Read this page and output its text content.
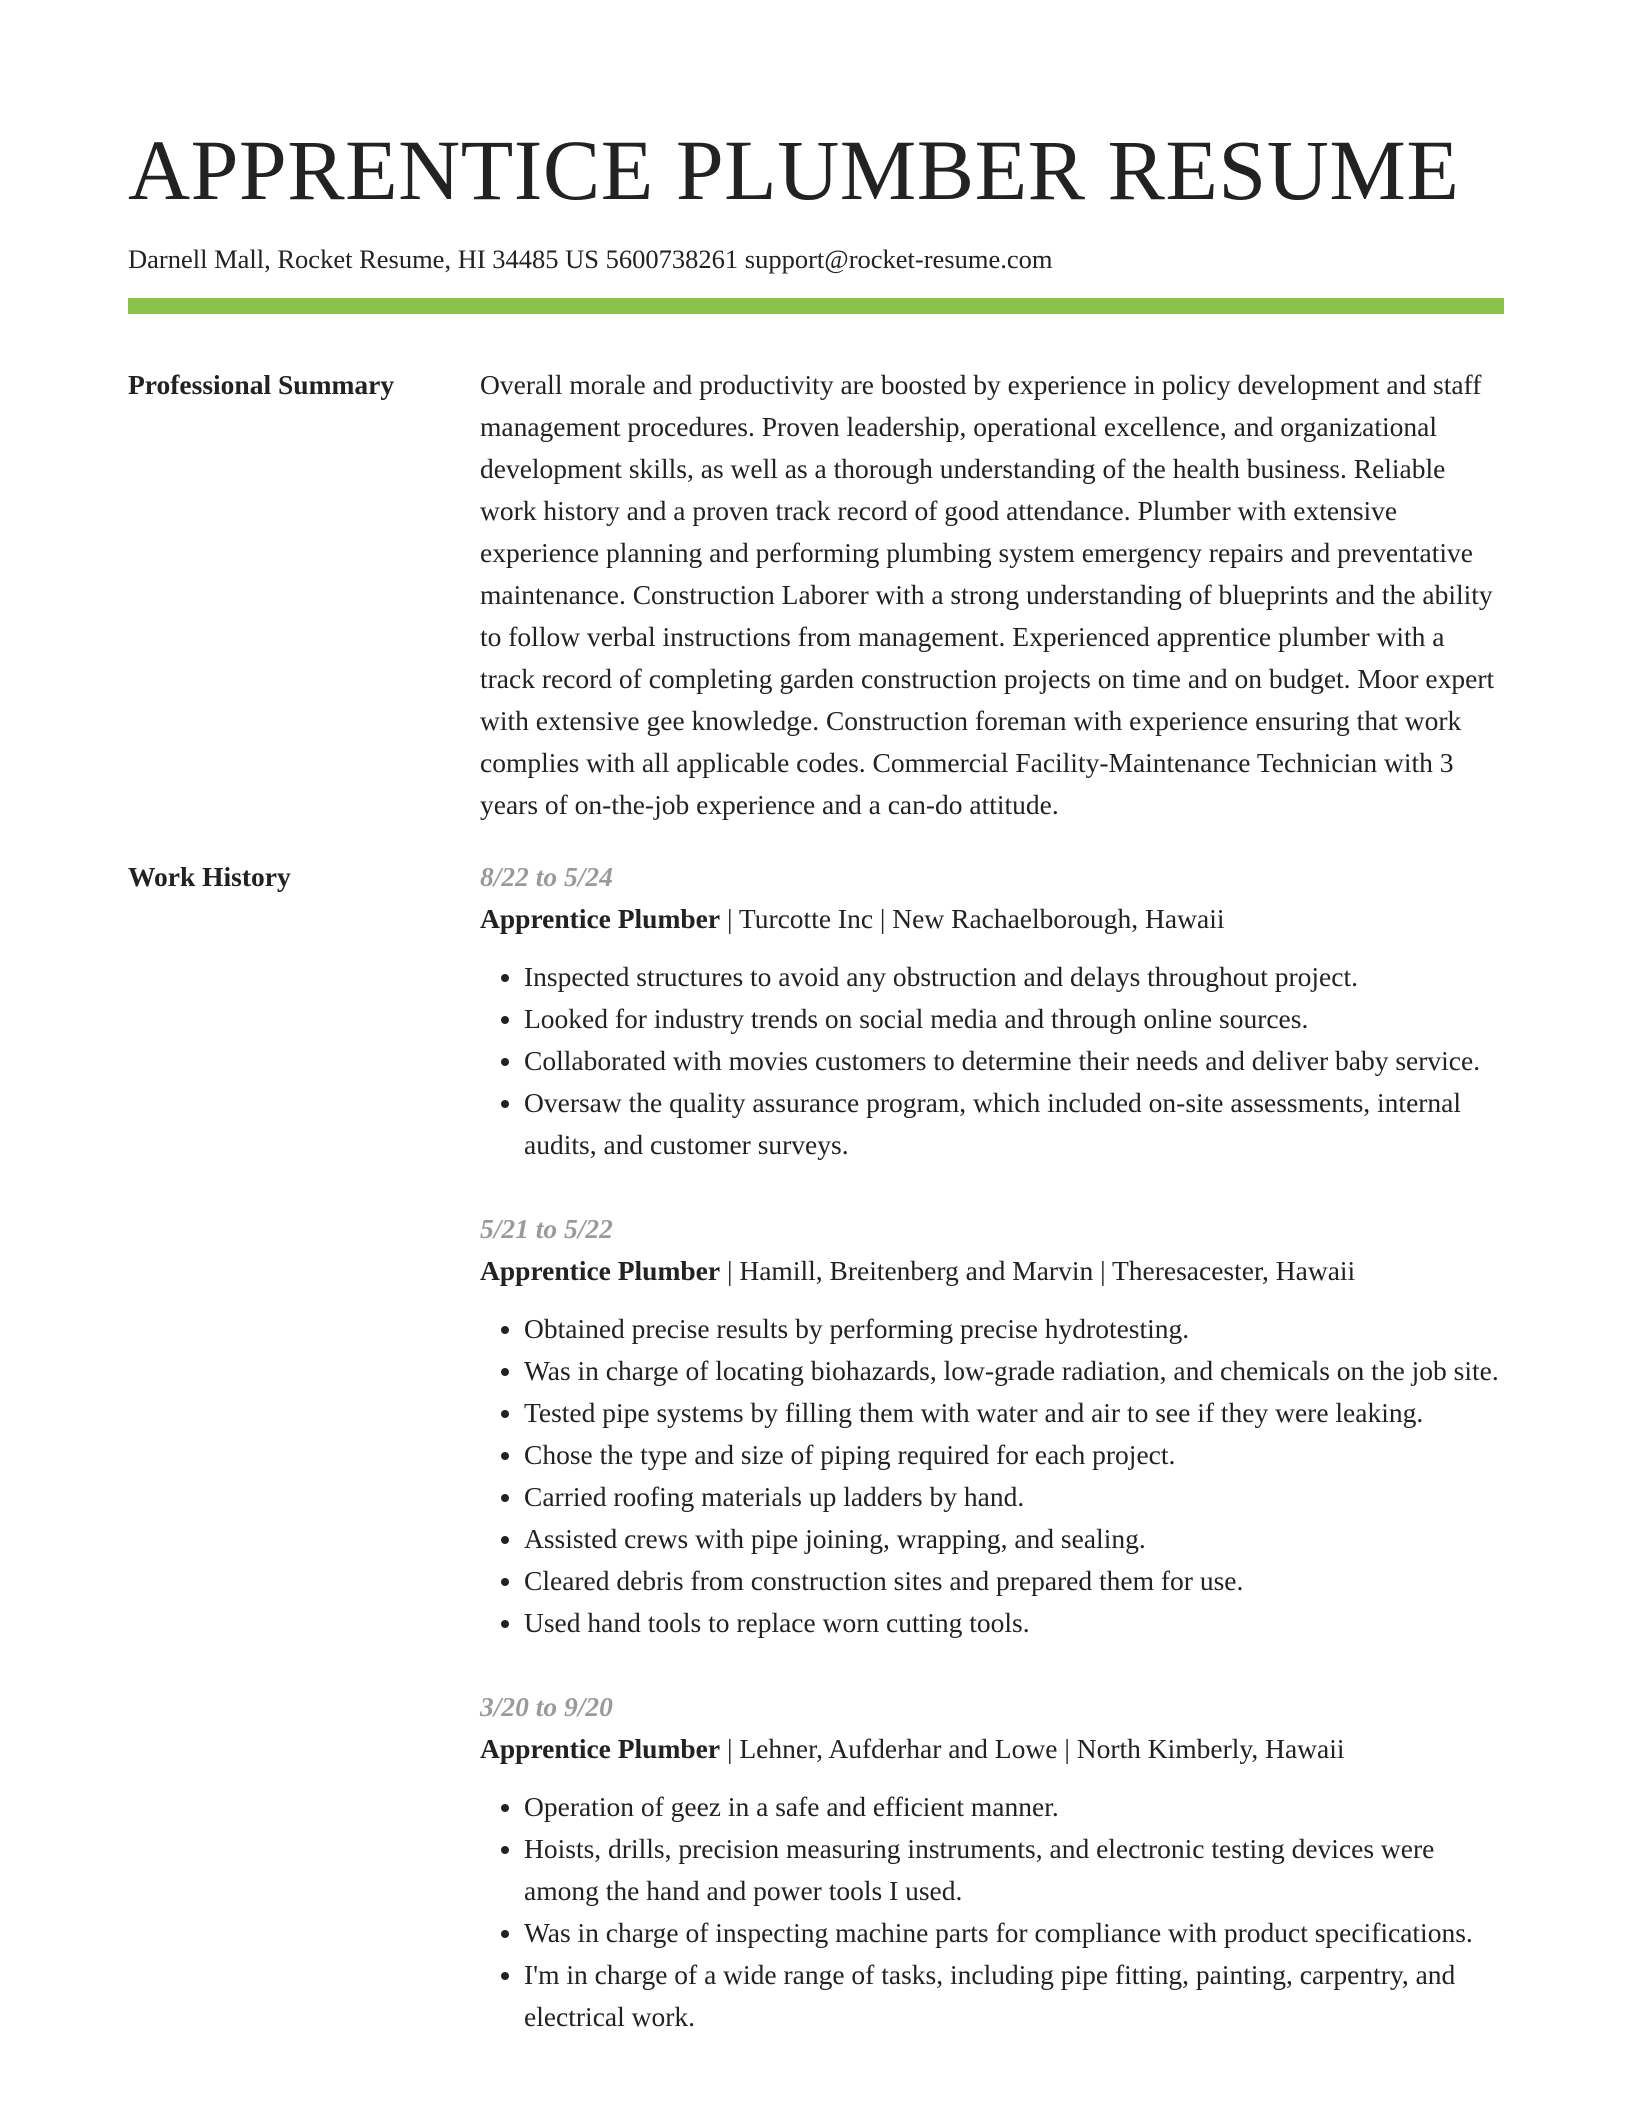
APPRENTICE PLUMBER RESUME
Darnell Mall, Rocket Resume, HI 34485 US 5600738261 support@rocket-resume.com
Professional Summary	Overall morale and productivity are boosted by experience in policy development and staff management procedures. Proven leadership, operational excellence, and organizational development skills, as well as a thorough understanding of the health business. Reliable work history and a proven track record of good attendance. Plumber with extensive experience planning and performing plumbing system emergency repairs and preventative maintenance. Construction Laborer with a strong understanding of blueprints and the ability to follow verbal instructions from management. Experienced apprentice plumber with a track record of completing garden construction projects on time and on budget. Moor expert with extensive gee knowledge. Construction foreman with experience ensuring that work complies with all applicable codes. Commercial Facility-Maintenance Technician with 3 years of on-the-job experience and a can-do attitude.

Work History	8/22 to 5/24
Apprentice Plumber | Turcotte Inc | New Rachaelborough, Hawaii
• Inspected structures to avoid any obstruction and delays throughout project.
• Looked for industry trends on social media and through online sources.
• Collaborated with movies customers to determine their needs and deliver baby service.
• Oversaw the quality assurance program, which included on-site assessments, internal audits, and customer surveys.
5/21 to 5/22
Apprentice Plumber | Hamill, Breitenberg and Marvin | Theresacester, Hawaii
• Obtained precise results by performing precise hydrotesting.
• Was in charge of locating biohazards, low-grade radiation, and chemicals on the job site.
• Tested pipe systems by filling them with water and air to see if they were leaking.
• Chose the type and size of piping required for each project.
• Carried roofing materials up ladders by hand.
• Assisted crews with pipe joining, wrapping, and sealing.
• Cleared debris from construction sites and prepared them for use.
• Used hand tools to replace worn cutting tools.
3/20 to 9/20
Apprentice Plumber | Lehner, Aufderhar and Lowe | North Kimberly, Hawaii
• Operation of geez in a safe and efficient manner.
• Hoists, drills, precision measuring instruments, and electronic testing devices were among the hand and power tools I used.
• Was in charge of inspecting machine parts for compliance with product specifications.
• I'm in charge of a wide range of tasks, including pipe fitting, painting, carpentry, and electrical work.
